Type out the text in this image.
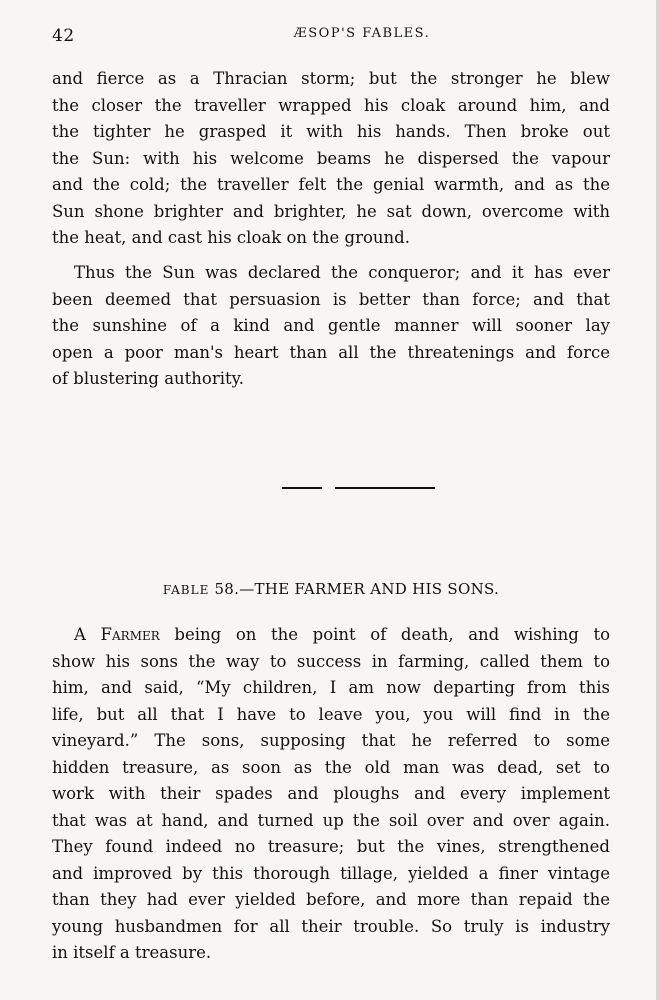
42	ÆSOP'S FABLES.
and fierce as a Thracian storm; but the stronger he blew
the closer the traveller wrapped his cloak around him, and
the tighter he grasped it with his hands. Then broke out
the Sun: with his welcome beams he dispersed the vapour
and the cold; the traveller felt the genial warmth, and as the
Sun shone brighter and brighter, he sat down, overcome with
the heat, and cast his cloak on the ground.
Thus the Sun was declared the conqueror; and it has ever
been deemed that persuasion is better than force; and that
the sunshine of a kind and gentle manner will sooner lay
open a poor man's heart than all the threatenings and force
of blustering authority.
FABLE 58.—THE FARMER AND HIS SONS.
A Farmer being on the point of death, and wishing to
show his sons the way to success in farming, called them to
him, and said, “My children, I am now departing from this
life, but all that I have to leave you, you will find in the
vineyard.” The sons, supposing that he referred to some
hidden treasure, as soon as the old man was dead, set to
work with their spades and ploughs and every implement
that was at hand, and turned up the soil over and over again.
They found indeed no treasure; but the vines, strengthened
and improved by this thorough tillage, yielded a finer vintage
than they had ever yielded before, and more than repaid the
young husbandmen for all their trouble. So truly is industry
in itself a treasure.
